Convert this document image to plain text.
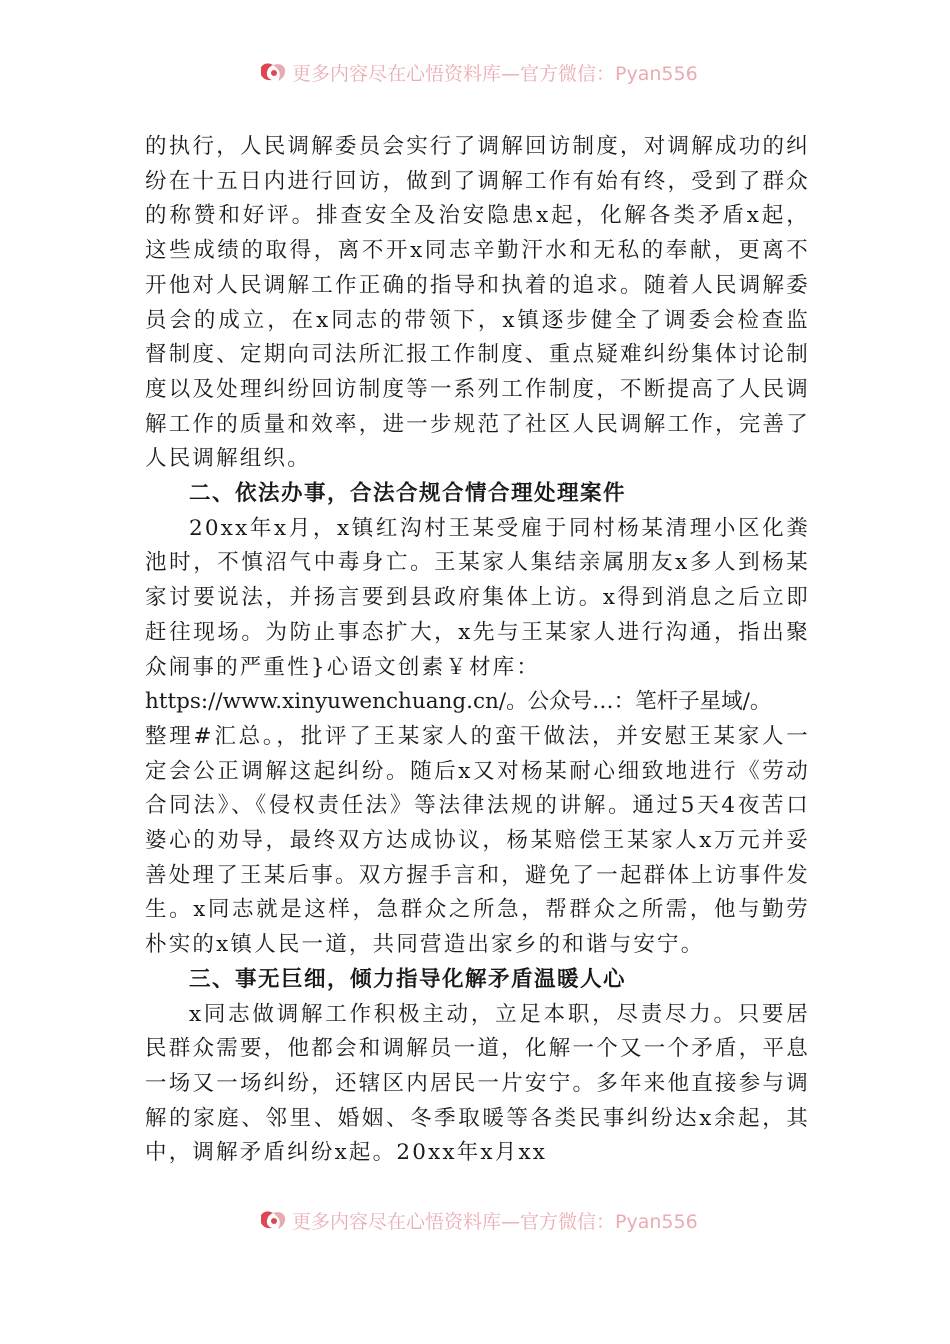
更多内容尽在心悟资料库—官方微信：Pyan556

的执行，人民调解委员会实行了调解回访制度，对调解成功的纠纷在十五日内进行回访，做到了调解工作有始有终，受到了群众的称赞和好评。排查安全及治安隐患x起，化解各类矛盾x起，这些成绩的取得，离不开x同志辛勤汗水和无私的奉献，更离不开他对人民调解工作正确的指导和执着的追求。随着人民调解委员会的成立，在x同志的带领下，x镇逐步健全了调委会检查监督制度、定期向司法所汇报工作制度、重点疑难纠纷集体讨论制度以及处理纠纷回访制度等一系列工作制度，不断提高了人民调解工作的质量和效率，进一步规范了社区人民调解工作，完善了人民调解组织。

二、依法办事，合法合规合情合理处理案件

20xx年x月，x镇红沟村王某受雇于同村杨某清理小区化粪池时，不慎沼气中毒身亡。王某家人集结亲属朋友x多人到杨某家讨要说法，并扬言要到县政府集体上访。x得到消息之后立即赶往现场。为防止事态扩大，x先与王某家人进行沟通，指出聚众闹事的严重性}心语文创素￥材库：
https://www.xinyuwenchuang.cn/。公众号…：笔杆子星域/。
整理#汇总。，批评了王某家人的蛮干做法，并安慰王某家人一定会公正调解这起纠纷。随后x又对杨某耐心细致地进行《劳动合同法》、《侵权责任法》等法律法规的讲解。通过5天4夜苦口婆心的劝导，最终双方达成协议，杨某赔偿王某家人x万元并妥善处理了王某后事。双方握手言和，避免了一起群体上访事件发生。x同志就是这样，急群众之所急，帮群众之所需，他与勤劳朴实的x镇人民一道，共同营造出家乡的和谐与安宁。

三、事无巨细，倾力指导化解矛盾温暖人心

x同志做调解工作积极主动，立足本职，尽责尽力。只要居民群众需要，他都会和调解员一道，化解一个又一个矛盾，平息一场又一场纠纷，还辖区内居民一片安宁。多年来他直接参与调解的家庭、邻里、婚姻、冬季取暖等各类民事纠纷达x余起，其中，调解矛盾纠纷x起。20xx年x月xx

更多内容尽在心悟资料库—官方微信：Pyan556
